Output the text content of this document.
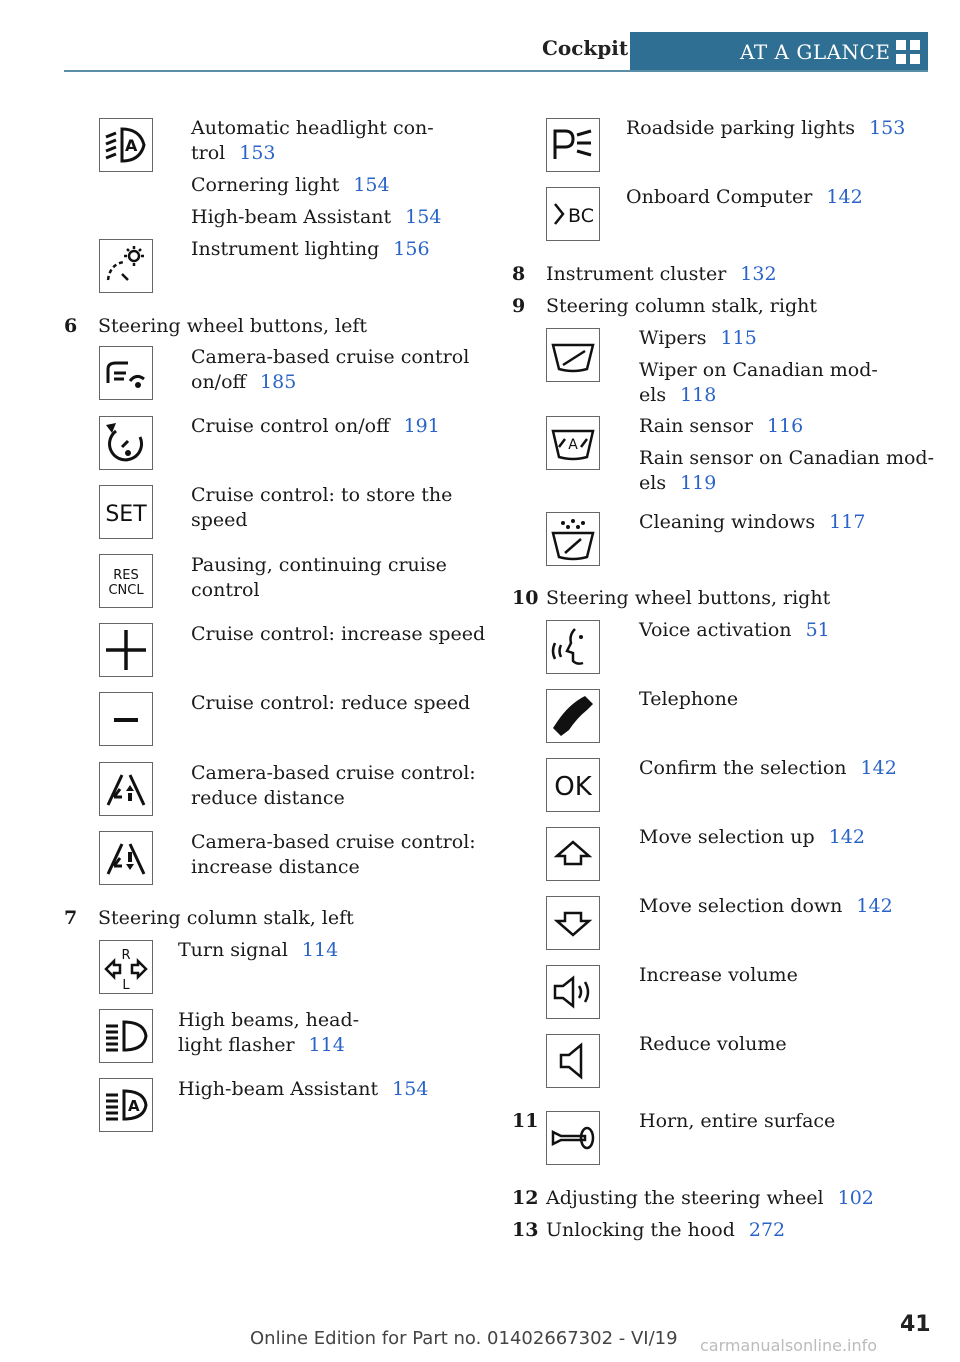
Cockpit	AT A GLANCE
A
Automatic headlight con-
trol 153
Cornering light 154
High-beam Assistant 154
Instrument lighting 156
6 Steering wheel buttons, left
Camera-based cruise control
on/off 185
Cruise control on/off 191
SET
Cruise control: to store the
speed
RES
CNCL
Pausing, continuing cruise
control
Cruise control: increase speed
Cruise control: reduce speed
Camera-based cruise control:
reduce distance
Camera-based cruise control:
increase distance
7 Steering column stalk, left
R
L
Turn signal 114
High beams, head-
light flasher 114
A
High-beam Assistant 154
Roadside parking lights 153
BC
Onboard Computer 142
8 Instrument cluster 132
9 Steering column stalk, right
Wipers 115
Wiper on Canadian mod-
els 118
A
Rain sensor 116
Rain sensor on Canadian mod-
els 119
Cleaning windows 117
10 Steering wheel buttons, right
Voice activation 51
Telephone
OK
Confirm the selection 142
Move selection up 142
Move selection down 142
Increase volume
Reduce volume
11	Horn, entire surface
12 Adjusting the steering wheel 102
13 Unlocking the hood 272
41
Online Edition for Part no. 01402667302 - VI/19 carmanualsonline.info
